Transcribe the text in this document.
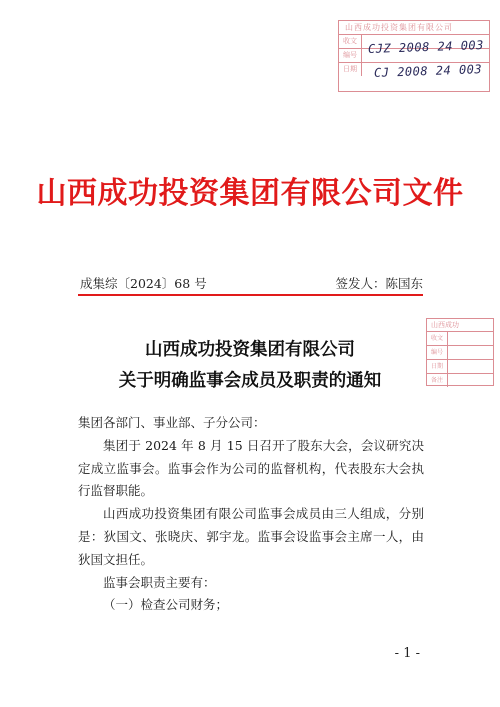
山西成功投资集团有限公司
收文
编号
日期
CJZ 2008 24 003
CJ 2008 24 003
山西成功投资集团有限公司文件
成集综〔2024〕68 号	签发人：陈国东
山西成功
收文
编号
日期
备注
山西成功投资集团有限公司
关于明确监事会成员及职责的通知

集团各部门、事业部、子分公司：

集团于 2024 年 8 月 15 日召开了股东大会，会议研究决定成立监事会。监事会作为公司的监督机构，代表股东大会执行监督职能。

山西成功投资集团有限公司监事会成员由三人组成，分别是：狄国文、张晓庆、郭宇龙。监事会设监事会主席一人，由狄国文担任。

监事会职责主要有：

（一）检查公司财务；

- 1 -
